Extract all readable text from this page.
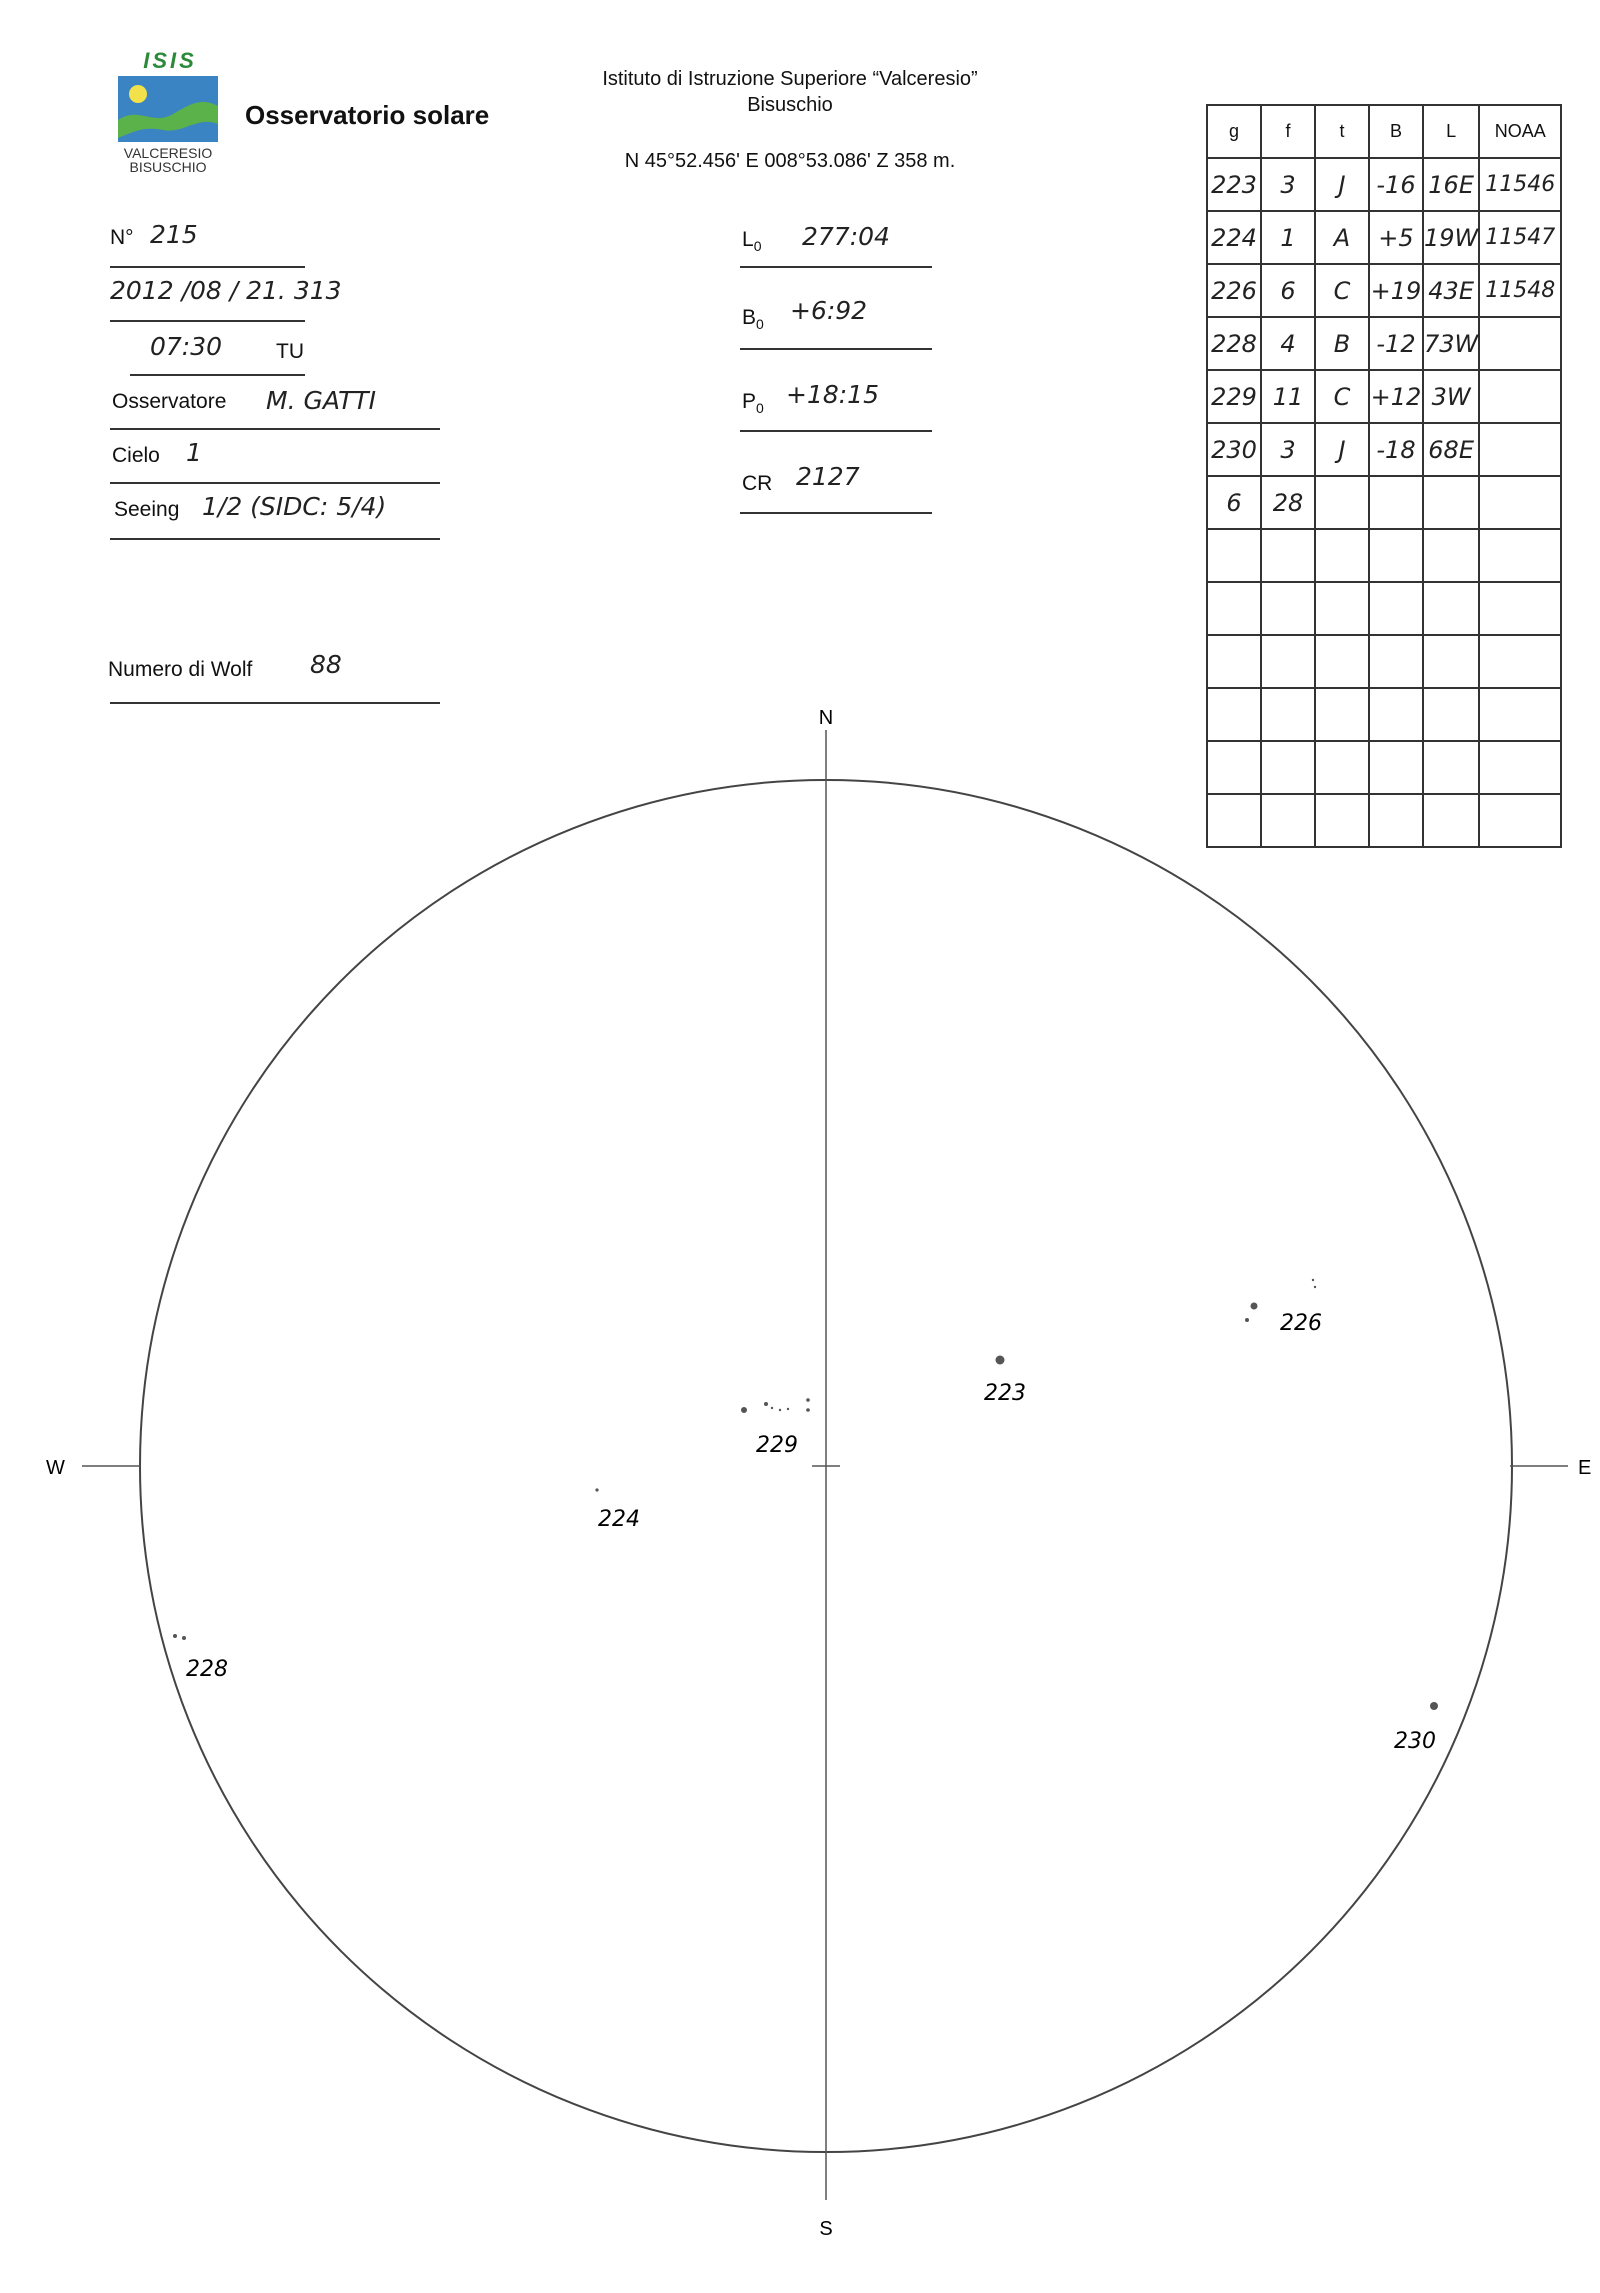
ISIS
VALCERESIO
BISUSCHIO
Osservatorio solare
Istituto di Istruzione Superiore “Valceresio”
Bisuschio
N 45°52.456' E 008°53.086' Z 358 m.
N° 215
2012 /08 / 21. 313
07:30	TU
Osservatore M. GATTI
Cielo 1
Seeing 1/2 (SIDC: 5/4)
Numero di Wolf 88
$L_0$ 277:04
$B_0$ +6:92
$P_0$ +18:15
CR 2127
g	f	t	B	L	NOAA
223	3	J	-16	16E	11546
224	1	A	+5	19W	11547
226	6	C	+19	43E	11548
228	4	B	-12	73W	
229	11	C	+12	3W	
230	3	J	-18	68E	
6	28				

N
S
E
W
223
224
226
228
229
230
